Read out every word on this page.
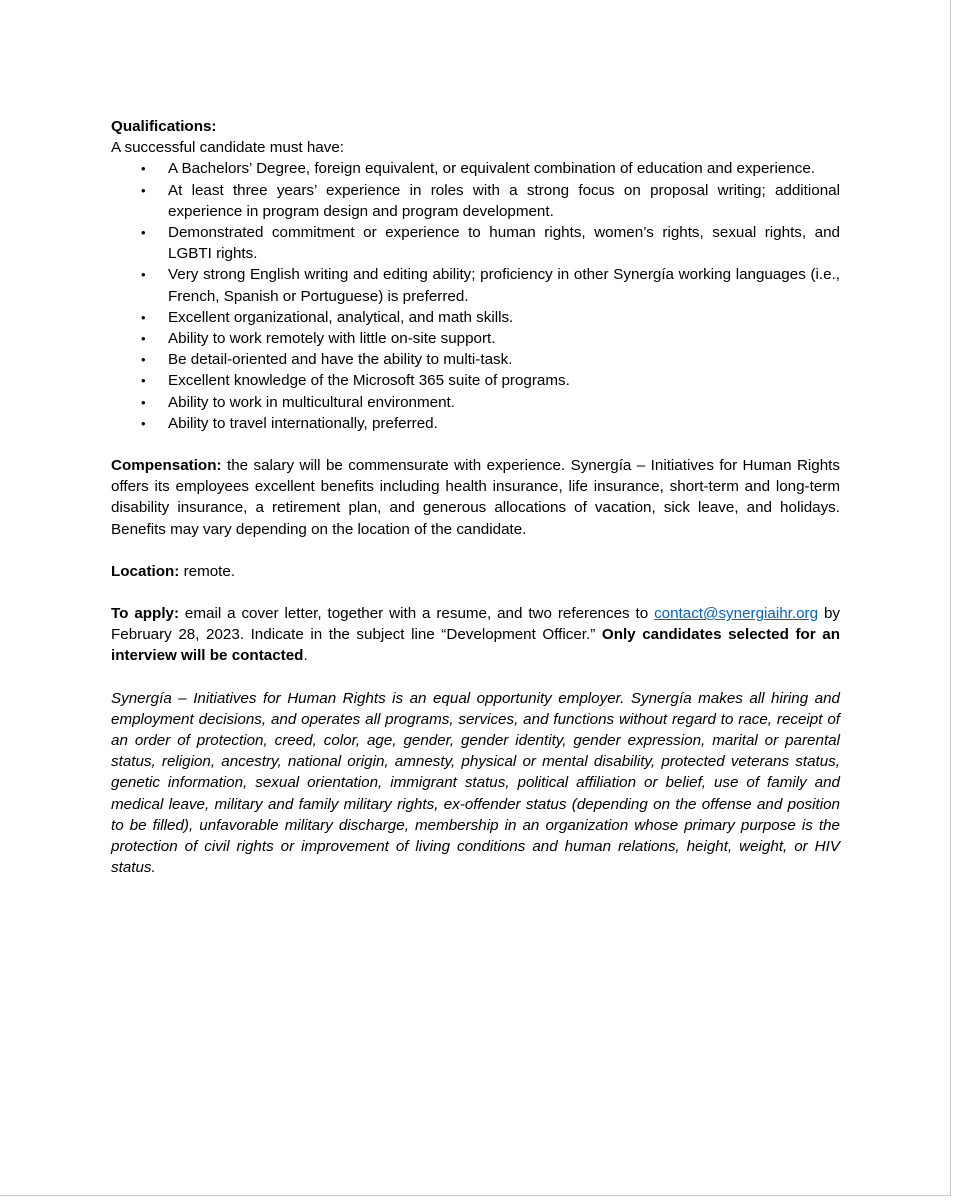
Qualifications:

A successful candidate must have:

• A Bachelors’ Degree, foreign equivalent, or equivalent combination of education and experience.
• At least three years’ experience in roles with a strong focus on proposal writing; additional experience in program design and program development.
• Demonstrated commitment or experience to human rights, women’s rights, sexual rights, and LGBTI rights.
• Very strong English writing and editing ability; proficiency in other Synergía working languages (i.e., French, Spanish or Portuguese) is preferred.
• Excellent organizational, analytical, and math skills.
• Ability to work remotely with little on-site support.
• Be detail-oriented and have the ability to multi-task.
• Excellent knowledge of the Microsoft 365 suite of programs.
• Ability to work in multicultural environment.
• Ability to travel internationally, preferred.

Compensation: the salary will be commensurate with experience. Synergía – Initiatives for Human Rights offers its employees excellent benefits including health insurance, life insurance, short-term and long-term disability insurance, a retirement plan, and generous allocations of vacation, sick leave, and holidays. Benefits may vary depending on the location of the candidate.

Location: remote.

To apply: email a cover letter, together with a resume, and two references to contact@synergiaihr.org by February 28, 2023. Indicate in the subject line “Development Officer.” Only candidates selected for an interview will be contacted.

Synergía – Initiatives for Human Rights is an equal opportunity employer. Synergía makes all hiring and employment decisions, and operates all programs, services, and functions without regard to race, receipt of an order of protection, creed, color, age, gender, gender identity, gender expression, marital or parental status, religion, ancestry, national origin, amnesty, physical or mental disability, protected veterans status, genetic information, sexual orientation, immigrant status, political affiliation or belief, use of family and medical leave, military and family military rights, ex-offender status (depending on the offense and position to be filled), unfavorable military discharge, membership in an organization whose primary purpose is the protection of civil rights or improvement of living conditions and human relations, height, weight, or HIV status.
